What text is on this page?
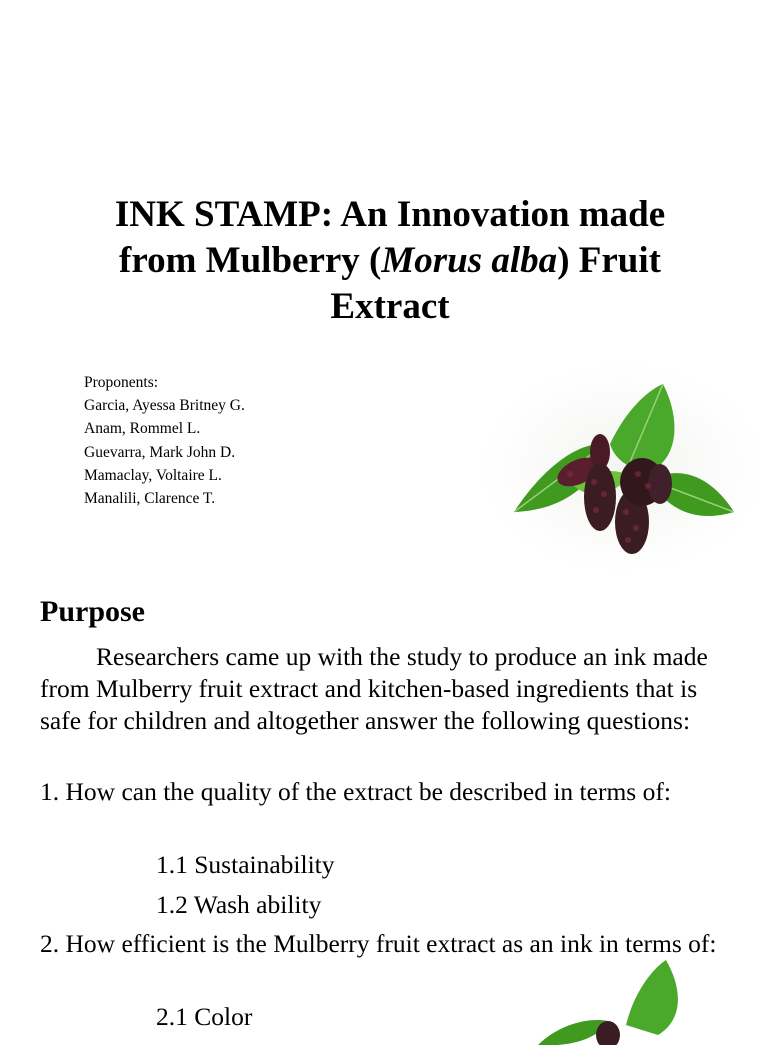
INK STAMP: An Innovation made
from Mulberry (Morus alba) Fruit
Extract
Proponents:
Garcia, Ayessa Britney G.
Anam, Rommel L.
Guevarra, Mark John D.
Mamaclay, Voltaire L.
Manalili, Clarence T.
Purpose

Researchers came up with the study to produce an ink made from Mulberry fruit extract and kitchen-based ingredients that is safe for children and altogether answer the following questions:

1. How can the quality of the extract be described in terms of:

1.1 Sustainability

1.2 Wash ability

2. How efficient is the Mulberry fruit extract as an ink in terms of:

2.1 Color
